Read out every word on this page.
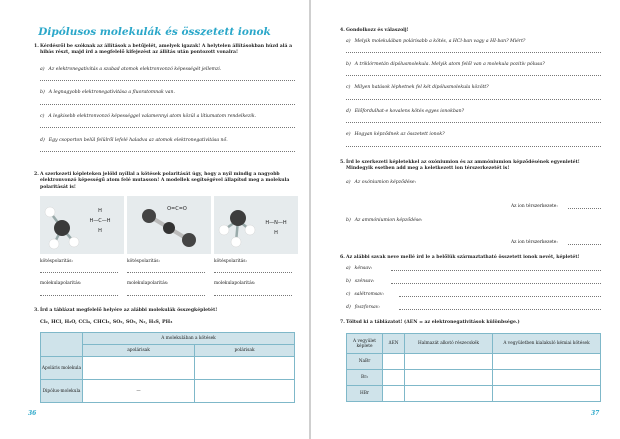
Dipólusos molekulák és összetett ionok
1. Kérdésről be szóknak az állítások a betűjelét, amelyek igazak! A helytelen állításokban húzd alá a hibás részt, majd írd a megfelelő kifejezést az állítás után pontozott vonalra!
a) Az elektronegativitás a szabad atomok elektronvonzó képességét jellemzi.
b) A legnagyobb elektronegativitása a fluoratomnak van.
c) A legkisebb elektronvonzó képességgel valamennyi atom közül a lítiumatom rendelkezik.
d) Egy csoporton belül felülről lefelé haladva az atomok elektronegativitása nő.
2. A szerkezeti képleteken jelöld nyíllal a kötések polaritását úgy, hogy a nyíl mindig a nagyobb elektronvonzó képességű atom felé mutasson! A modellek segítségével állapítsd meg a molekula polaritását is!
H
H—C—H
H
O=C=O
H—N—H
H
kötéspolaritás:	kötéspolaritás:	kötéspolaritás:
molekulapolaritás:	molekulapolaritás:	molekulapolaritás:
3. Írd a táblázat megfelelő helyére az alábbi molekulák összegképletét!
Cl₂, HCl, H₂O, CCl₄, CHCl₃, SO₂, SO₃, N₂, H₂S, PH₃
	A molekulában a kötések	
	apolárisak	polárisak
Apoláris molekula		
Dipólus-molekula	—	
36
4. Gondolkozz és válaszolj!
a) Melyik molekulában polárisabb a kötés, a HCl-ban vagy a HI-ban? Miért?
b) A triklórmetán dipólusmolekula. Melyik atom felől van a molekula pozitív pólusa?
c) Milyen hatások léphetnek fel két dipólusmolekula között?
d) Előfordulhat-e kovalens kötés egyes ionokban?
e) Hogyan képződnek az összetett ionok?
5. Írd le szerkezeti képletekkel az oxóniumion és az ammóniumion képződésének egyenletét! Mindegyik esetben add meg a keletkezett ion térszerkezetét is!
a) Az oxóniumion képződése:
Az ion térszerkezete:
b) Az ammóniumion képződése:
Az ion térszerkezete:
6. Az alábbi savak neve mellé írd le a belőlük származtatható összetett ionok nevét, képletét!
a) kénsav:
b) szénsav:
c) salétromsav:
d) foszforsav:
7. Töltsd ki a táblázatot! (ΔEN = az elektronegativitások különbsége.)
A vegyület képlete	ΔEN	Halmazát alkotó részecskék	A vegyületben kialakuló kémiai kötések
NaBr			
Br₂			
HBr			
37
